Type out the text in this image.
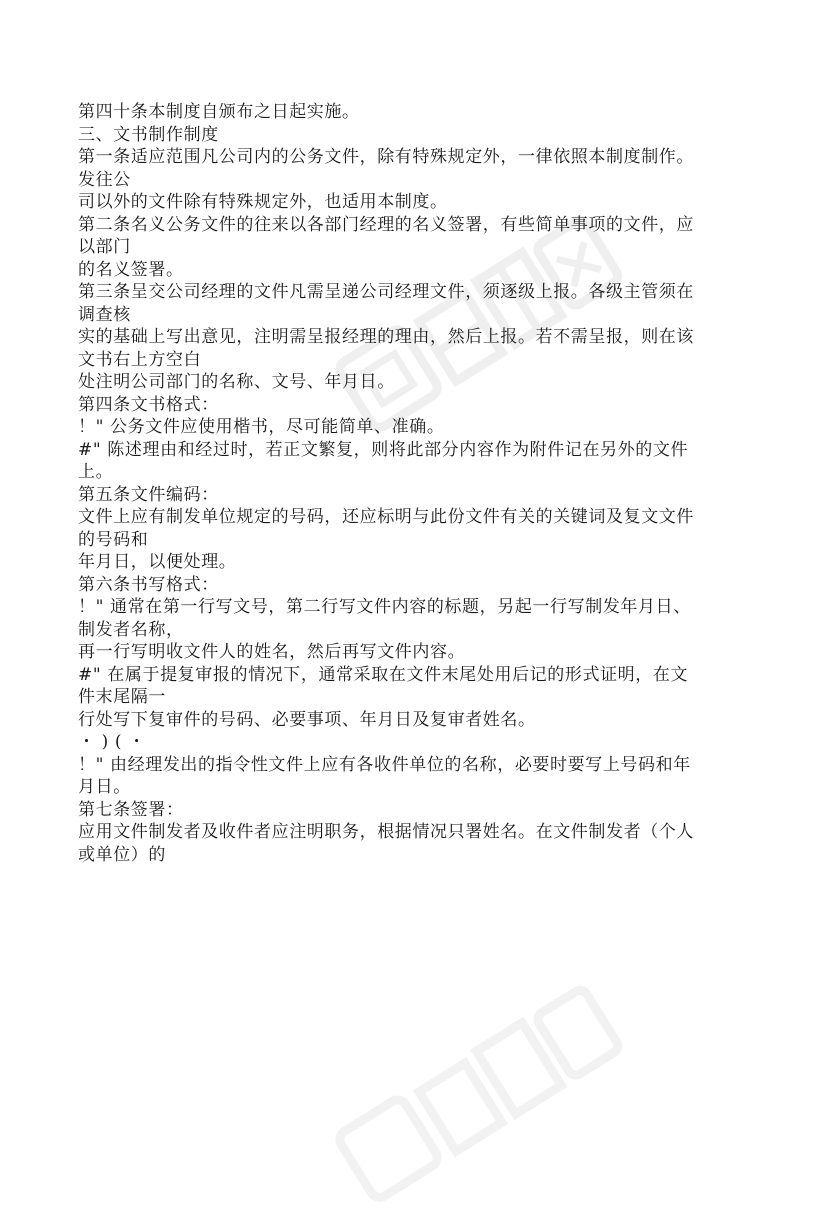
第四十条本制度自颁布之日起实施。
三、文书制作制度
第一条适应范围凡公司内的公务文件，除有特殊规定外，一律依照本制度制作。
发往公
司以外的文件除有特殊规定外，也适用本制度。
第二条名义公务文件的往来以各部门经理的名义签署，有些简单事项的文件，应
以部门
的名义签署。
第三条呈交公司经理的文件凡需呈递公司经理文件，须逐级上报。各级主管须在
调查核
实的基础上写出意见，注明需呈报经理的理由，然后上报。若不需呈报，则在该
文书右上方空白
处注明公司部门的名称、文号、年月日。
第四条文书格式：
！" 公务文件应使用楷书，尽可能简单、准确。
#" 陈述理由和经过时，若正文繁复，则将此部分内容作为附件记在另外的文件
上。
第五条文件编码：
文件上应有制发单位规定的号码，还应标明与此份文件有关的关键词及复文文件
的号码和
年月日，以便处理。
第六条书写格式：
！" 通常在第一行写文号，第二行写文件内容的标题，另起一行写制发年月日、
制发者名称，
再一行写明收文件人的姓名，然后再写文件内容。
#" 在属于提复审报的情况下，通常采取在文件末尾处用后记的形式证明，在文
件末尾隔一
行处写下复审件的号码、必要事项、年月日及复审者姓名。
・ ) ( ・
！" 由经理发出的指令性文件上应有各收件单位的名称，必要时要写上号码和年
月日。
第七条签署：
应用文件制发者及收件者应注明职务，根据情况只署姓名。在文件制发者（个人
或单位）的
